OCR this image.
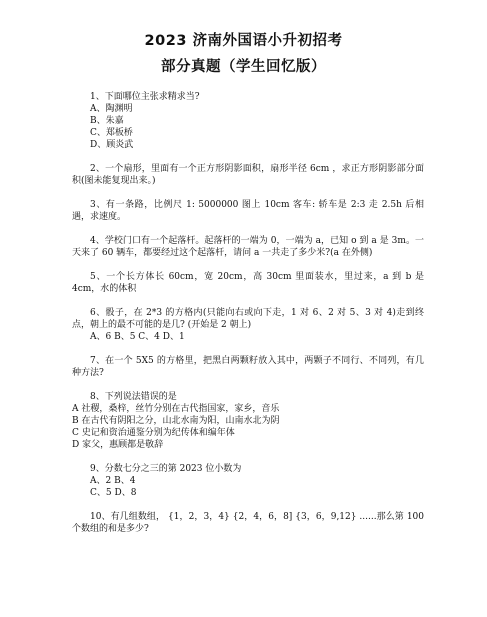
2023 济南外国语小升初招考
部分真题（学生回忆版）
1、下面哪位主张求精求当?
A、陶渊明
B、朱嘉
C、郑板桥
D、顾炎武
2、一个扇形，里面有一个正方形阴影面积，扇形半径 6cm ，求正方形阴影部分面积(图未能复现出来。)
3、有一条路，比例尺 1: 5000000 图上 10cm 客车: 轿车是 2:3 走 2.5h 后相遇，求速度。
4、学校门口有一个起落杆。起落杆的一端为 0，一端为 a，已知 o 到 a 是 3m。一天来了 60 辆车，都要经过这个起落杆，请问 a 一共走了多少米?(a 在外侧)
5、一个长方体长 60cm，宽 20cm，高 30cm 里面装水，里过来，a 到 b 是 4cm，水的体积
6、骰子，在 2*3 的方格内(只能向右或向下走，1 对 6、2 对 5、3 对 4)走到终点，朝上的最不可能的是几? (开始是 2 朝上)
A、6 B、5 C、4 D、1
7、在一个 5X5 的方格里，把黑白两颗籽放入其中，两颗子不同行、不同列，有几种方法?
8、下列说法错误的是
A 社稷，桑梓，丝竹分别在古代指国家，家乡，音乐
B 在古代有阴阳之分，山北水南为阳，山南水北为阴
C 史记和资治通鉴分别为纪传体和编年体
D 家父，惠顾都是敬辞
9、分数七分之三的第 2023 位小数为
A、2 B、4
C、5 D、8
10、有几组数组， {1，2，3，4} {2，4，6，8] {3，6，9,12} ......那么第 100 个数组的和是多少?
